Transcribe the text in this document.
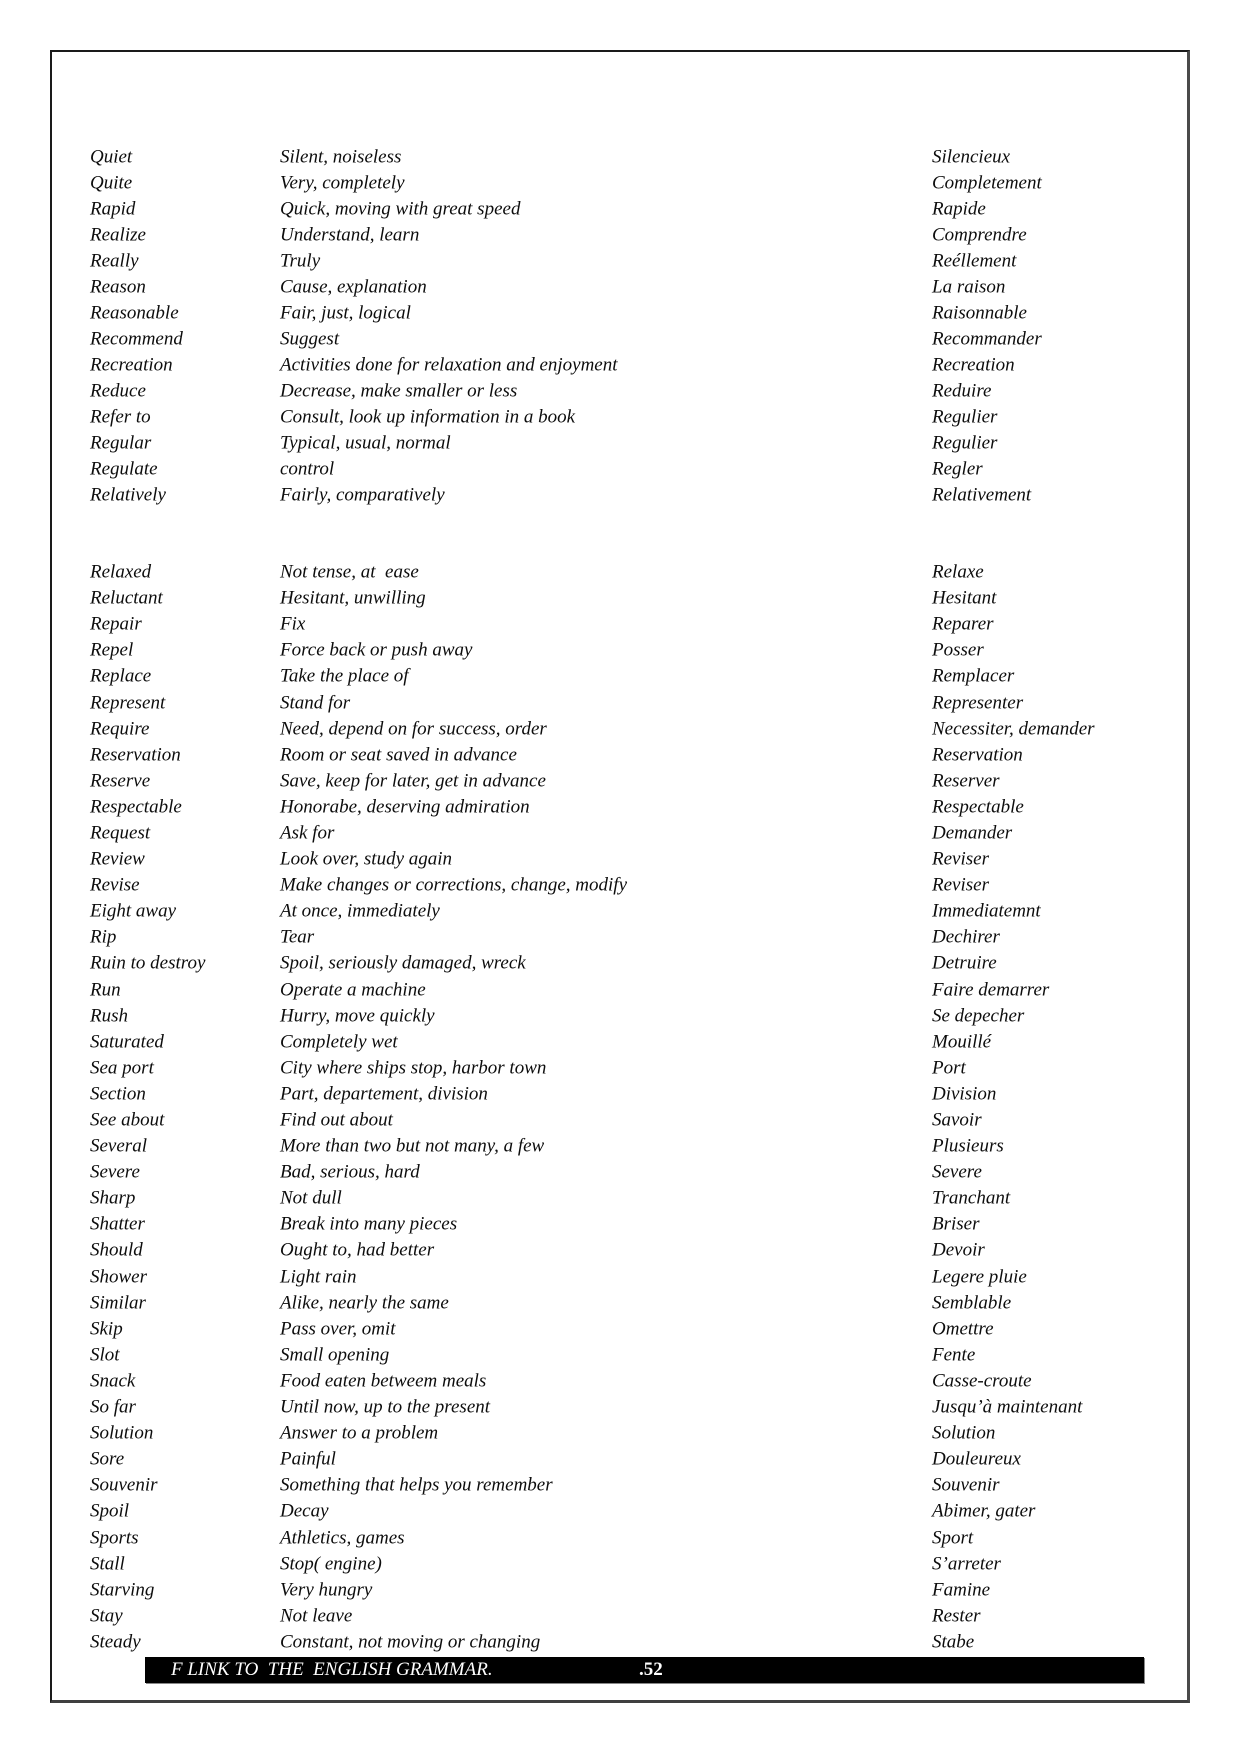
Quiet	Silent, noiseless	Silencieux
Quite	Very, completely	Completement
Rapid	Quick, moving with great speed	Rapide
Realize	Understand, learn	Comprendre
Really	Truly	Reéllement
Reason	Cause, explanation	La raison
Reasonable	Fair, just, logical	Raisonnable
Recommend	Suggest	Recommander
Recreation	Activities done for relaxation and enjoyment	Recreation
Reduce	Decrease, make smaller or less	Reduire
Refer to	Consult, look up information in a book	Regulier
Regular	Typical, usual, normal	Regulier
Regulate	control	Regler
Relatively	Fairly, comparatively	Relativement
Relaxed	Not tense, at  ease	Relaxe
Reluctant	Hesitant, unwilling	Hesitant
Repair	Fix	Reparer
Repel	Force back or push away	Posser
Replace	Take the place of	Remplacer
Represent	Stand for	Representer
Require	Need, depend on for success, order	Necessiter, demander
Reservation	Room or seat saved in advance	Reservation
Reserve	Save, keep for later, get in advance	Reserver
Respectable	Honorabe, deserving admiration	Respectable
Request	Ask for	Demander
Review	Look over, study again	Reviser
Revise	Make changes or corrections, change, modify	Reviser
Eight away	At once, immediately	Immediatemnt
Rip	Tear	Dechirer
Ruin to destroy	Spoil, seriously damaged, wreck	Detruire
Run	Operate a machine	Faire demarrer
Rush	Hurry, move quickly	Se depecher
Saturated	Completely wet	Mouillé
Sea port	City where ships stop, harbor town	Port
Section	Part, departement, division	Division
See about	Find out about	Savoir
Several	More than two but not many, a few	Plusieurs
Severe	Bad, serious, hard	Severe
Sharp	Not dull	Tranchant
Shatter	Break into many pieces	Briser
Should	Ought to, had better	Devoir
Shower	Light rain	Legere pluie
Similar	Alike, nearly the same	Semblable
Skip	Pass over, omit	Omettre
Slot	Small opening	Fente
Snack	Food eaten betweem meals	Casse-croute
So far	Until now, up to the present	Jusqu’à maintenant
Solution	Answer to a problem	Solution
Sore	Painful	Douleureux
Souvenir	Something that helps you remember	Souvenir
Spoil	Decay	Abimer, gater
Sports	Athletics, games	Sport
Stall	Stop( engine)	S’arreter
Starving	Very hungry	Famine
Stay	Not leave	Rester
Steady	Constant, not moving or changing	Stabe
F LINK TO  THE  ENGLISH GRAMMAR.	.52
